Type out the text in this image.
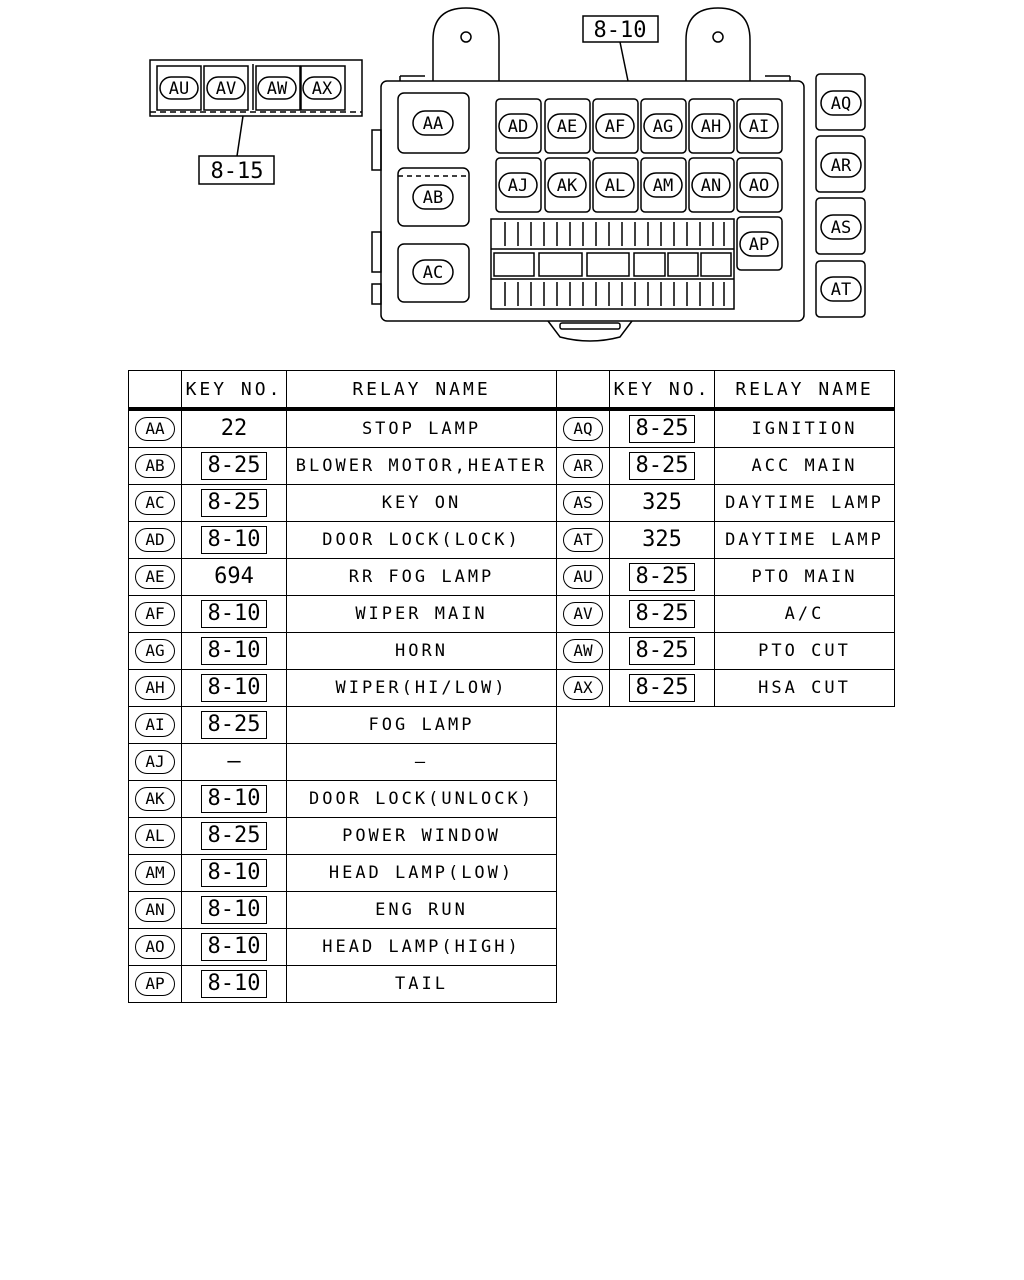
8-10
8-15
AU AV AW AX
AA
AB
AC
AD AE AF AG AH AI
AJ AK AL AM AN AO
AP
AQ
AR
AS
AT
	KEY NO.	RELAY NAME
AA	22	STOP LAMP
AB	8-25	BLOWER MOTOR,HEATER
AC	8-25	KEY ON
AD	8-10	DOOR LOCK(LOCK)
AE	694	RR FOG LAMP
AF	8-10	WIPER MAIN
AG	8-10	HORN
AH	8-10	WIPER(HI/LOW)
AI	8-25	FOG LAMP
AJ	—	—
AK	8-10	DOOR LOCK(UNLOCK)
AL	8-25	POWER WINDOW
AM	8-10	HEAD LAMP(LOW)
AN	8-10	ENG RUN
AO	8-10	HEAD LAMP(HIGH)
AP	8-10	TAIL
	KEY NO.	RELAY NAME
AQ	8-25	IGNITION
AR	8-25	ACC MAIN
AS	325	DAYTIME LAMP
AT	325	DAYTIME LAMP
AU	8-25	PTO MAIN
AV	8-25	A/C
AW	8-25	PTO CUT
AX	8-25	HSA CUT
